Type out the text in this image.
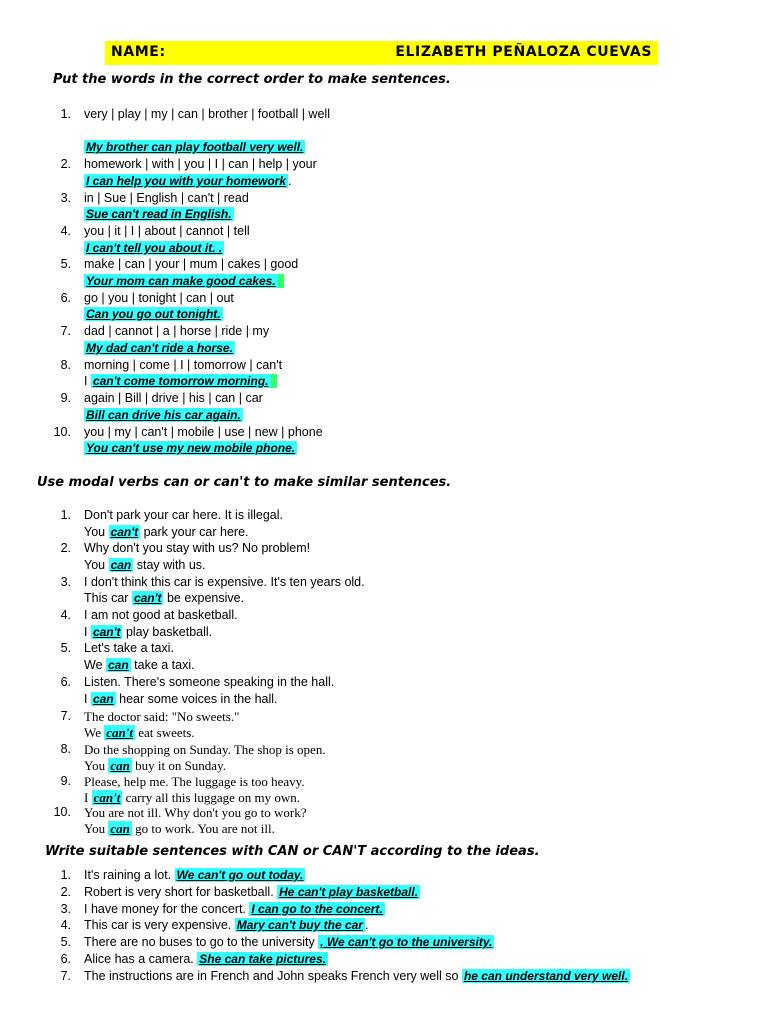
NAME:	ELIZABETH PEÑALOZA CUEVAS
Put the words in the correct order to make sentences.
1. very | play | my | can | brother | football | well
My brother can play football very well.
2. homework | with | you | I | can | help | your
I can help you with your homework .
3. in | Sue | English | can't | read
Sue can't read in English.
4. you | it | I | about | cannot | tell
I can't tell you about it. .
5. make | can | your | mum | cakes | good
Your mom can make good cakes.
6. go | you | tonight | can | out
Can you go out tonight.
7. dad | cannot | a | horse | ride | my
My dad can't ride a horse.
8. morning | come | I | tomorrow | can't
I can't come tomorrow morning.
9. again | Bill | drive | his | can | car
Bill can drive his car again.
10. you | my | can't | mobile | use | new | phone
You can't use my new mobile phone.
Use modal verbs can or can't to make similar sentences.
1. Don't park your car here. It is illegal.
You can't park your car here.
2. Why don't you stay with us? No problem!
You can stay with us.
3. I don't think this car is expensive. It's ten years old.
This car can't be expensive.
4. I am not good at basketball.
I can't play basketball.
5. Let's take a taxi.
We can take a taxi.
6. Listen. There's someone speaking in the hall.
I can hear some voices in the hall.
7. The doctor said: "No sweets."
We can't eat sweets.
8. Do the shopping on Sunday. The shop is open.
You can buy it on Sunday.
9. Please, help me. The luggage is too heavy.
I can't carry all this luggage on my own.
10. You are not ill. Why don't you go to work?
You can go to work. You are not ill.
Write suitable sentences with CAN or CAN'T according to the ideas.
1. It's raining a lot. We can't go out today.
2. Robert is very short for basketball. He can't play basketball.
3. I have money for the concert. I can go to the concert.
4. This car is very expensive. Mary can't buy the car .
5. There are no buses to go to the university , We can't go to the university.
6. Alice has a camera. She can take pictures.
7. The instructions are in French and John speaks French very well so he can understand very well.
